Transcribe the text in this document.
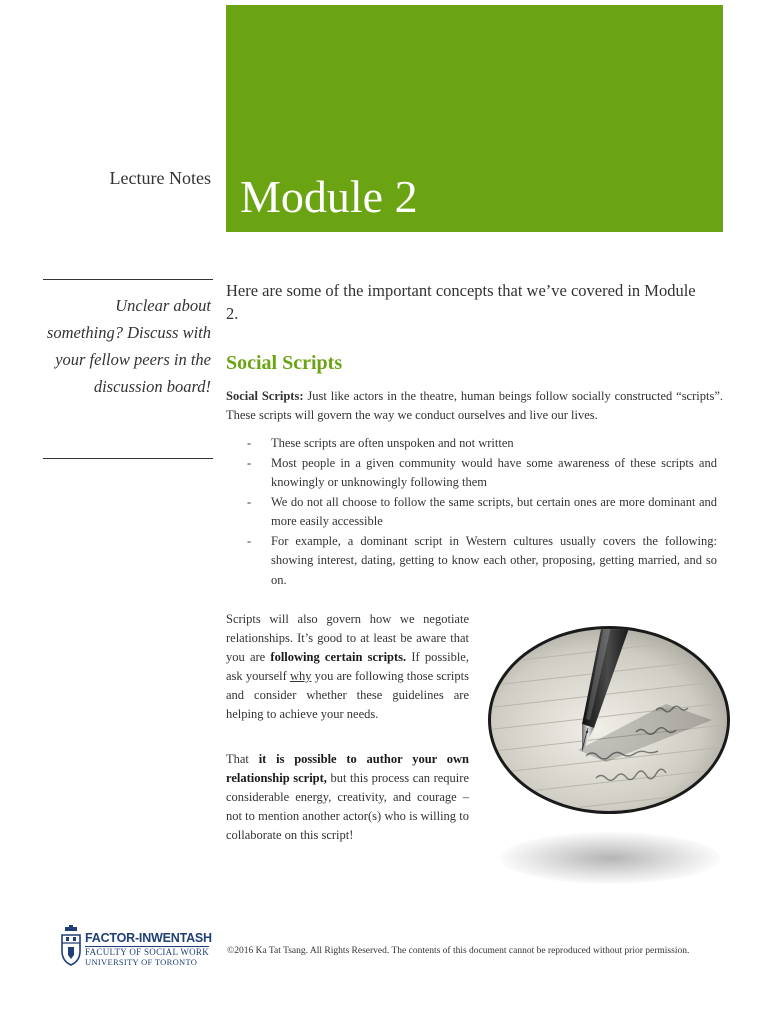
Lecture Notes Module 2
Unclear about something? Discuss with your fellow peers in the discussion board!

Here are some of the important concepts that we’ve covered in Module 2.

Social Scripts

Social Scripts: Just like actors in the theatre, human beings follow socially constructed “scripts”. These scripts will govern the way we conduct ourselves and live our lives.

- These scripts are often unspoken and not written
- Most people in a given community would have some awareness of these scripts and knowingly or unknowingly following them
- We do not all choose to follow the same scripts, but certain ones are more dominant and more easily accessible
- For example, a dominant script in Western cultures usually covers the following: showing interest, dating, getting to know each other, proposing, getting married, and so on.

Scripts will also govern how we negotiate relationships. It’s good to at least be aware that you are following certain scripts. If possible, ask yourself why you are following those scripts and consider whether these guidelines are helping to achieve your needs.

That it is possible to author your own relationship script, but this process can require considerable energy, creativity, and courage – not to mention another actor(s) who is willing to collaborate on this script!

FACTOR-INWENTASH
FACULTY OF SOCIAL WORK
UNIVERSITY OF TORONTO
©2016 Ka Tat Tsang. All Rights Reserved. The contents of this document cannot be reproduced without prior permission.
